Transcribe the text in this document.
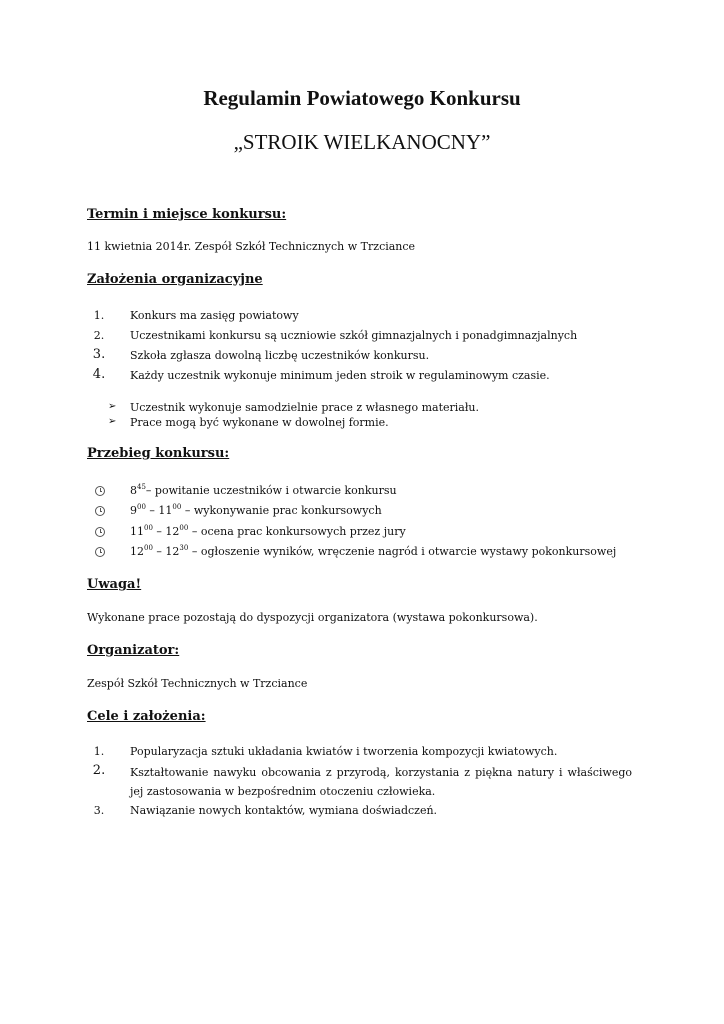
Regulamin Powiatowego Konkursu
„STROIK WIELKANOCNY”
Termin i miejsce konkursu:
11 kwietnia 2014r. Zespół Szkół Technicznych w Trzciance
Założenia organizacyjne
1.	Konkurs ma zasięg powiatowy
2.	Uczestnikami konkursu są uczniowie szkół gimnazjalnych i ponadgimnazjalnych
3.	Szkoła zgłasza dowolną liczbę uczestników konkursu.
4.	Każdy uczestnik wykonuje minimum jeden stroik w regulaminowym czasie.
➢ Uczestnik wykonuje samodzielnie prace z własnego materiału.
➢ Prace mogą być wykonane w dowolnej formie.
Przebieg konkursu:
$8^{45}-$ powitanie uczestników i otwarcie konkursu
$9^{00} - 11^{00}$ – wykonywanie prac konkursowych
$11^{00} - 12^{00}$ – ocena prac konkursowych przez jury
$12^{00} - 12^{30}$ – ogłoszenie wyników, wręczenie nagród i otwarcie wystawy pokonkursowej
Uwaga!
Wykonane prace pozostają do dyspozycji organizatora (wystawa pokonkursowa).
Organizator:
Zespół Szkół Technicznych w Trzciance
Cele i założenia:
1.	Popularyzacja sztuki układania kwiatów i tworzenia kompozycji kwiatowych.
2.	Kształtowanie nawyku obcowania z przyrodą, korzystania z piękna natury i właściwego jej zastosowania w bezpośrednim otoczeniu człowieka.
3.	Nawiązanie nowych kontaktów, wymiana doświadczeń.
